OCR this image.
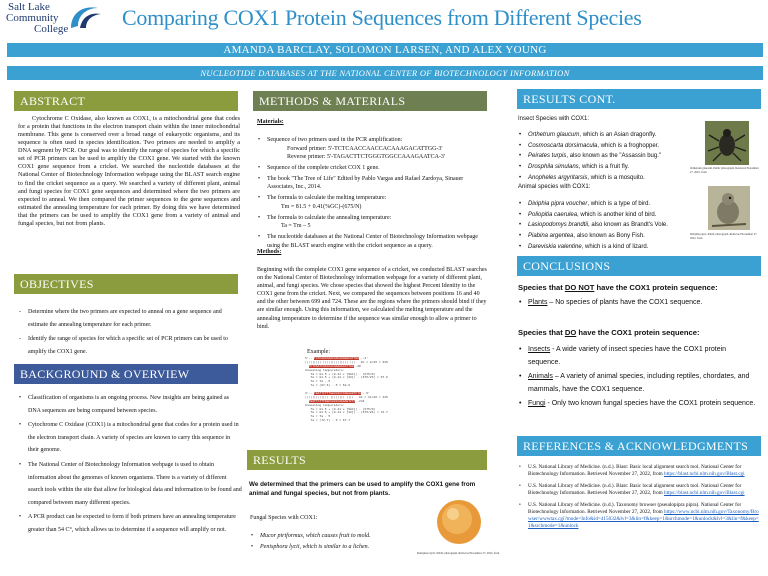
Salt Lake
Community
College Comparing COX1 Protein Sequences from Different Species
AMANDA BARCLAY, SOLOMON LARSEN, AND ALEX YOUNG
NUCLEOTIDE DATABASES AT THE NATIONAL CENTER OF BIOTECHNOLOGY INFORMATION
ABSTRACT
Cytochrome C Oxidase, also known as COX1, is a mitochondrial gene that codes for a protein that functions in the electron transport chain within the inner mitochondrial membrane. This gene is conserved over a broad range of eukaryotic organisms, and its sequence is often used in species identification. Two primers are needed to amplify a DNA segment by PCR. Our goal was to identify the range of species for which a specific set of PCR primers can be used to amplify the COX1 gene. We started with the known COX1 gene sequence from a cricket. We searched the nucleotide databases at the National Center of Biotechnology Information webpage using the BLAST search engine to find the cricket sequence as a query. We searched a variety of different plant, animal and fungi species for COX1 gene sequences and determined where the two primers are expected to anneal. We then compared the primer sequences to the gene sequences and estimated the annealing temperature for each primer. By doing this we have determined that the primers can be used to amplify the COX1 gene from a variety of animal and fungal species, but not from plants.
OBJECTIVES
- Determine where the two primers are expected to anneal on a gene sequence and estimate the annealing temperature for each primer.
- Identify the range of species for which a specific set of PCR primers can be used to amplify the COX1 gene.
BACKGROUND & OVERVIEW
• Classification of organisms is an ongoing process. New insights are being gained as DNA sequences are being compared between species.
• Cytochrome C Oxidase (COX1) is a mitochondrial gene that codes for a protein used in the electron transport chain. A variety of species are known to carry this sequence in their genome.
• The National Center of Biotechnology Information webpage is used to obtain information about the genomes of known organisms. There is a variety of different search tools within the site that allow for biological data and information to be found and compared between many different species.
• A PCR product can be expected to form if both primers have an annealing temperature greater than 54 C°, which allows us to determine if a sequence will amplify or not.
METHODS & MATERIALS
Materials:
• Sequence of two primers used in the PCR amplification:
Forward primer: 5'-TCTCAACCAACCACAAAGACATTGG-3'
Reverse primer: 5'-TAGACTTCTGGGTGGCCAAAGAATCA-3'
• Sequence of the complete cricket COX 1 gene.
• The book "The Tree of Life" Edited by Pablo Vargas and Rafael Zardoya, Sinauer Associates, Inc., 2014.
• The formula to calculate the melting temperature:
Tm = 81.5 + 0.41(%GC)-(675/N)
• The formula to calculate the annealing temperature:
Ta = Tm – 5
• The nucleotide databases at the National Center of Biotechnology Information webpage using the BLAST search engine with the cricket sequence as a query.
Methods:
Beginning with the complete COX1 gene sequence of a cricket, we conducted BLAST searches on the National Center of Biotechnology information webpage for a variety of different plant, animal, and fungi species. We chose species that showed the highest Percent Identity to the COX1 gene from the cricket. Next, we compared the sequences between positions 16 and 40 and the other between 699 and 724. These are the regions where the primers should bind if they are similar enough. Using this information, we calculated the melting temperature and the annealing temperature to determine if the sequence was similar enough to allow a primer to bind.
Example:
5'-- TCTCAACCAACCACAAAGACATTGG --3'
||||||||| |||||||||||||| |||   GC = 8/25 = 32%
TCTCAATCAACCACAAAGACATTGG -40
Annealing temperature:
Tm = 81.5 + (0.41 x [%GC]) - (675/N)
Tm = 81.5 + (0.41 x [32]) - (675/25) = 67.6
Ta = Tm - 5
Ta = (67.6) - 5 = 62.6

3'-- TGATTCTTTGGCCACCCAGAAGTCTA --5'
||||||||||||| |||||||| ||||   GC = 11/26 = 42%
TGATTCTTTGGCCACCCAGAAGTCTA -724
Annealing temperature:
Tm = 81.5 + (0.41 x [%GC]) - (675/N)
Tm = 81.5 + (0.41 x [42]) - (675/26) = 72.7
Ta = Tm - 5
Ta = (72.7) - 5 = 67.7
RESULTS
We determined that the primers can be used to amplify the COX1 gene from animal and fungal species, but not from plants.
Fungal Species with COX1:
• Mucor piriformus, which causes fruit to mold.
• Penisphora lycii, which is similar to a lichen.
Penisphora lycii. Public photograph. Retrieved November 27, 2022, from
RESULTS CONT.
Insect Species with COX1:
• Orthetrum glaucum, which is an Asian dragonfly.
• Cosmoscarta dorsimacula, which is a froghopper.
• Peirates turpis, also known as the "Assassin bug."
• Drosphila simulans, which is a fruit fly.
• Anopheles argyritarsis, which is a mosquito.
Animal species with COX1:
• Dixiphia pipra voucher, which is a type of bird.
• Poliopitia caerulea, which is another kind of bird.
• Lasiopodomys brandtii, also known as Brandt's Vole.
• Piabina argentea, also known as Bony Fish.
• Dareviskia valentine, which is a kind of lizard.
Orthetrum glaucum. Public photograph. Retrieved November 27, 2022, from
Dixiphia pipra. Public photograph. Retrieved November 27, 2022, from
CONCLUSIONS
Species that DO NOT have the COX1 protein sequence:
• Plants – No species of plants have the COX1 sequence.
Species that DO have the COX1 protein sequence:
• Insects - A wide variety of insect species have the COX1 protein sequence.
• Animals – A variety of animal species, including reptiles, chordates, and mammals, have the COX1 sequence.
• Fungi - Only two known fungal species have the COX1 protein sequence.
REFERENCES & ACKNOWLEDGMENTS
• U.S. National Library of Medicine. (n.d.). Blast: Basic local alignment search tool. National Center for Biotechnology Information. Retrieved November 27, 2022, from https://blast.ncbi.nlm.nih.gov/Blast.cgi
• U.S. National Library of Medicine. (n.d.). Blast: Basic local alignment search tool. National Center for Biotechnology Information. Retrieved November 27, 2022, from https://blast.ncbi.nlm.nih.gov/Blast.cgi
• U.S. National Library of Medicine. (n.d.). Taxonomy browser (pseudopipra pipra). National Center for Biotechnology Information. Retrieved November 27, 2022, from https://www.ncbi.nlm.nih.gov/Taxonomy/Browser/wwwtax.cgi?mode=Info&id=415032&lvl=3&lin=f&keep=1&srchmode=1&unlock&lvl=3&lin=f&keep=1&srchmode=1&unlock
